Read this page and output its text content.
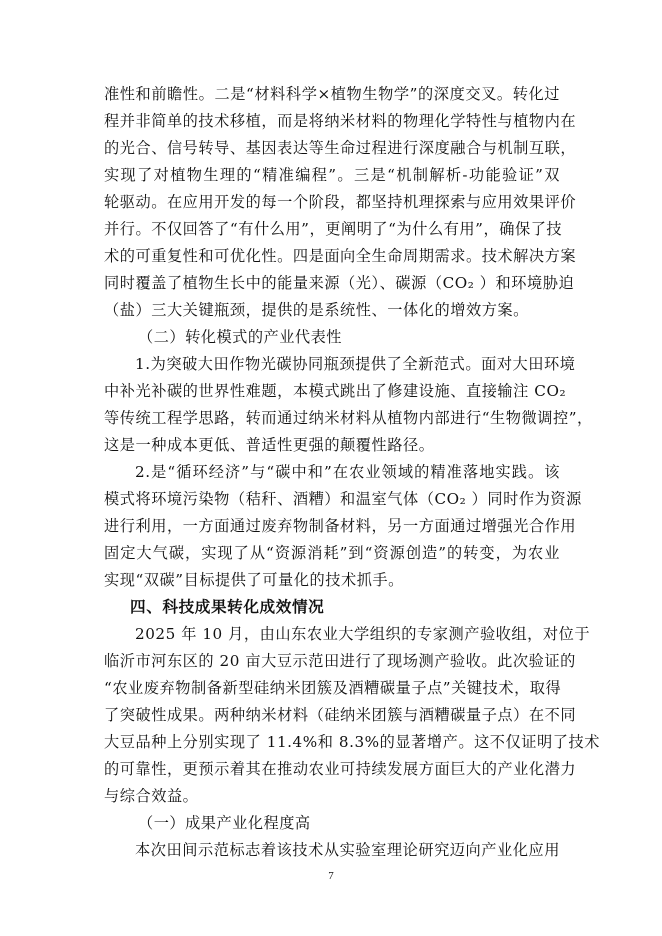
准性和前瞻性。二是“材料科学×植物生物学”的深度交叉。转化过
程并非简单的技术移植，而是将纳米材料的物理化学特性与植物内在
的光合、信号转导、基因表达等生命过程进行深度融合与机制互联，
实现了对植物生理的“精准编程”。三是“机制解析-功能验证”双
轮驱动。在应用开发的每一个阶段，都坚持机理探索与应用效果评价
并行。不仅回答了“有什么用”，更阐明了“为什么有用”，确保了技
术的可重复性和可优化性。四是面向全生命周期需求。技术解决方案
同时覆盖了植物生长中的能量来源（光）、碳源（CO₂ ）和环境胁迫
（盐）三大关键瓶颈，提供的是系统性、一体化的增效方案。
（二）转化模式的产业代表性
1.为突破大田作物光碳协同瓶颈提供了全新范式。面对大田环境
中补光补碳的世界性难题，本模式跳出了修建设施、直接输注 CO₂
等传统工程学思路，转而通过纳米材料从植物内部进行“生物微调控”，
这是一种成本更低、普适性更强的颠覆性路径。
2.是“循环经济”与“碳中和”在农业领域的精准落地实践。该
模式将环境污染物（秸秆、酒糟）和温室气体（CO₂ ）同时作为资源
进行利用，一方面通过废弃物制备材料，另一方面通过增强光合作用
固定大气碳，实现了从“资源消耗”到“资源创造”的转变，为农业
实现“双碳”目标提供了可量化的技术抓手。
四、科技成果转化成效情况
2025 年 10 月，由山东农业大学组织的专家测产验收组，对位于
临沂市河东区的 20 亩大豆示范田进行了现场测产验收。此次验证的
“农业废弃物制备新型硅纳米团簇及酒糟碳量子点”关键技术，取得
了突破性成果。两种纳米材料（硅纳米团簇与酒糟碳量子点）在不同
大豆品种上分别实现了 11.4%和 8.3%的显著增产。这不仅证明了技术
的可靠性，更预示着其在推动农业可持续发展方面巨大的产业化潜力
与综合效益。
（一）成果产业化程度高
本次田间示范标志着该技术从实验室理论研究迈向产业化应用
7
